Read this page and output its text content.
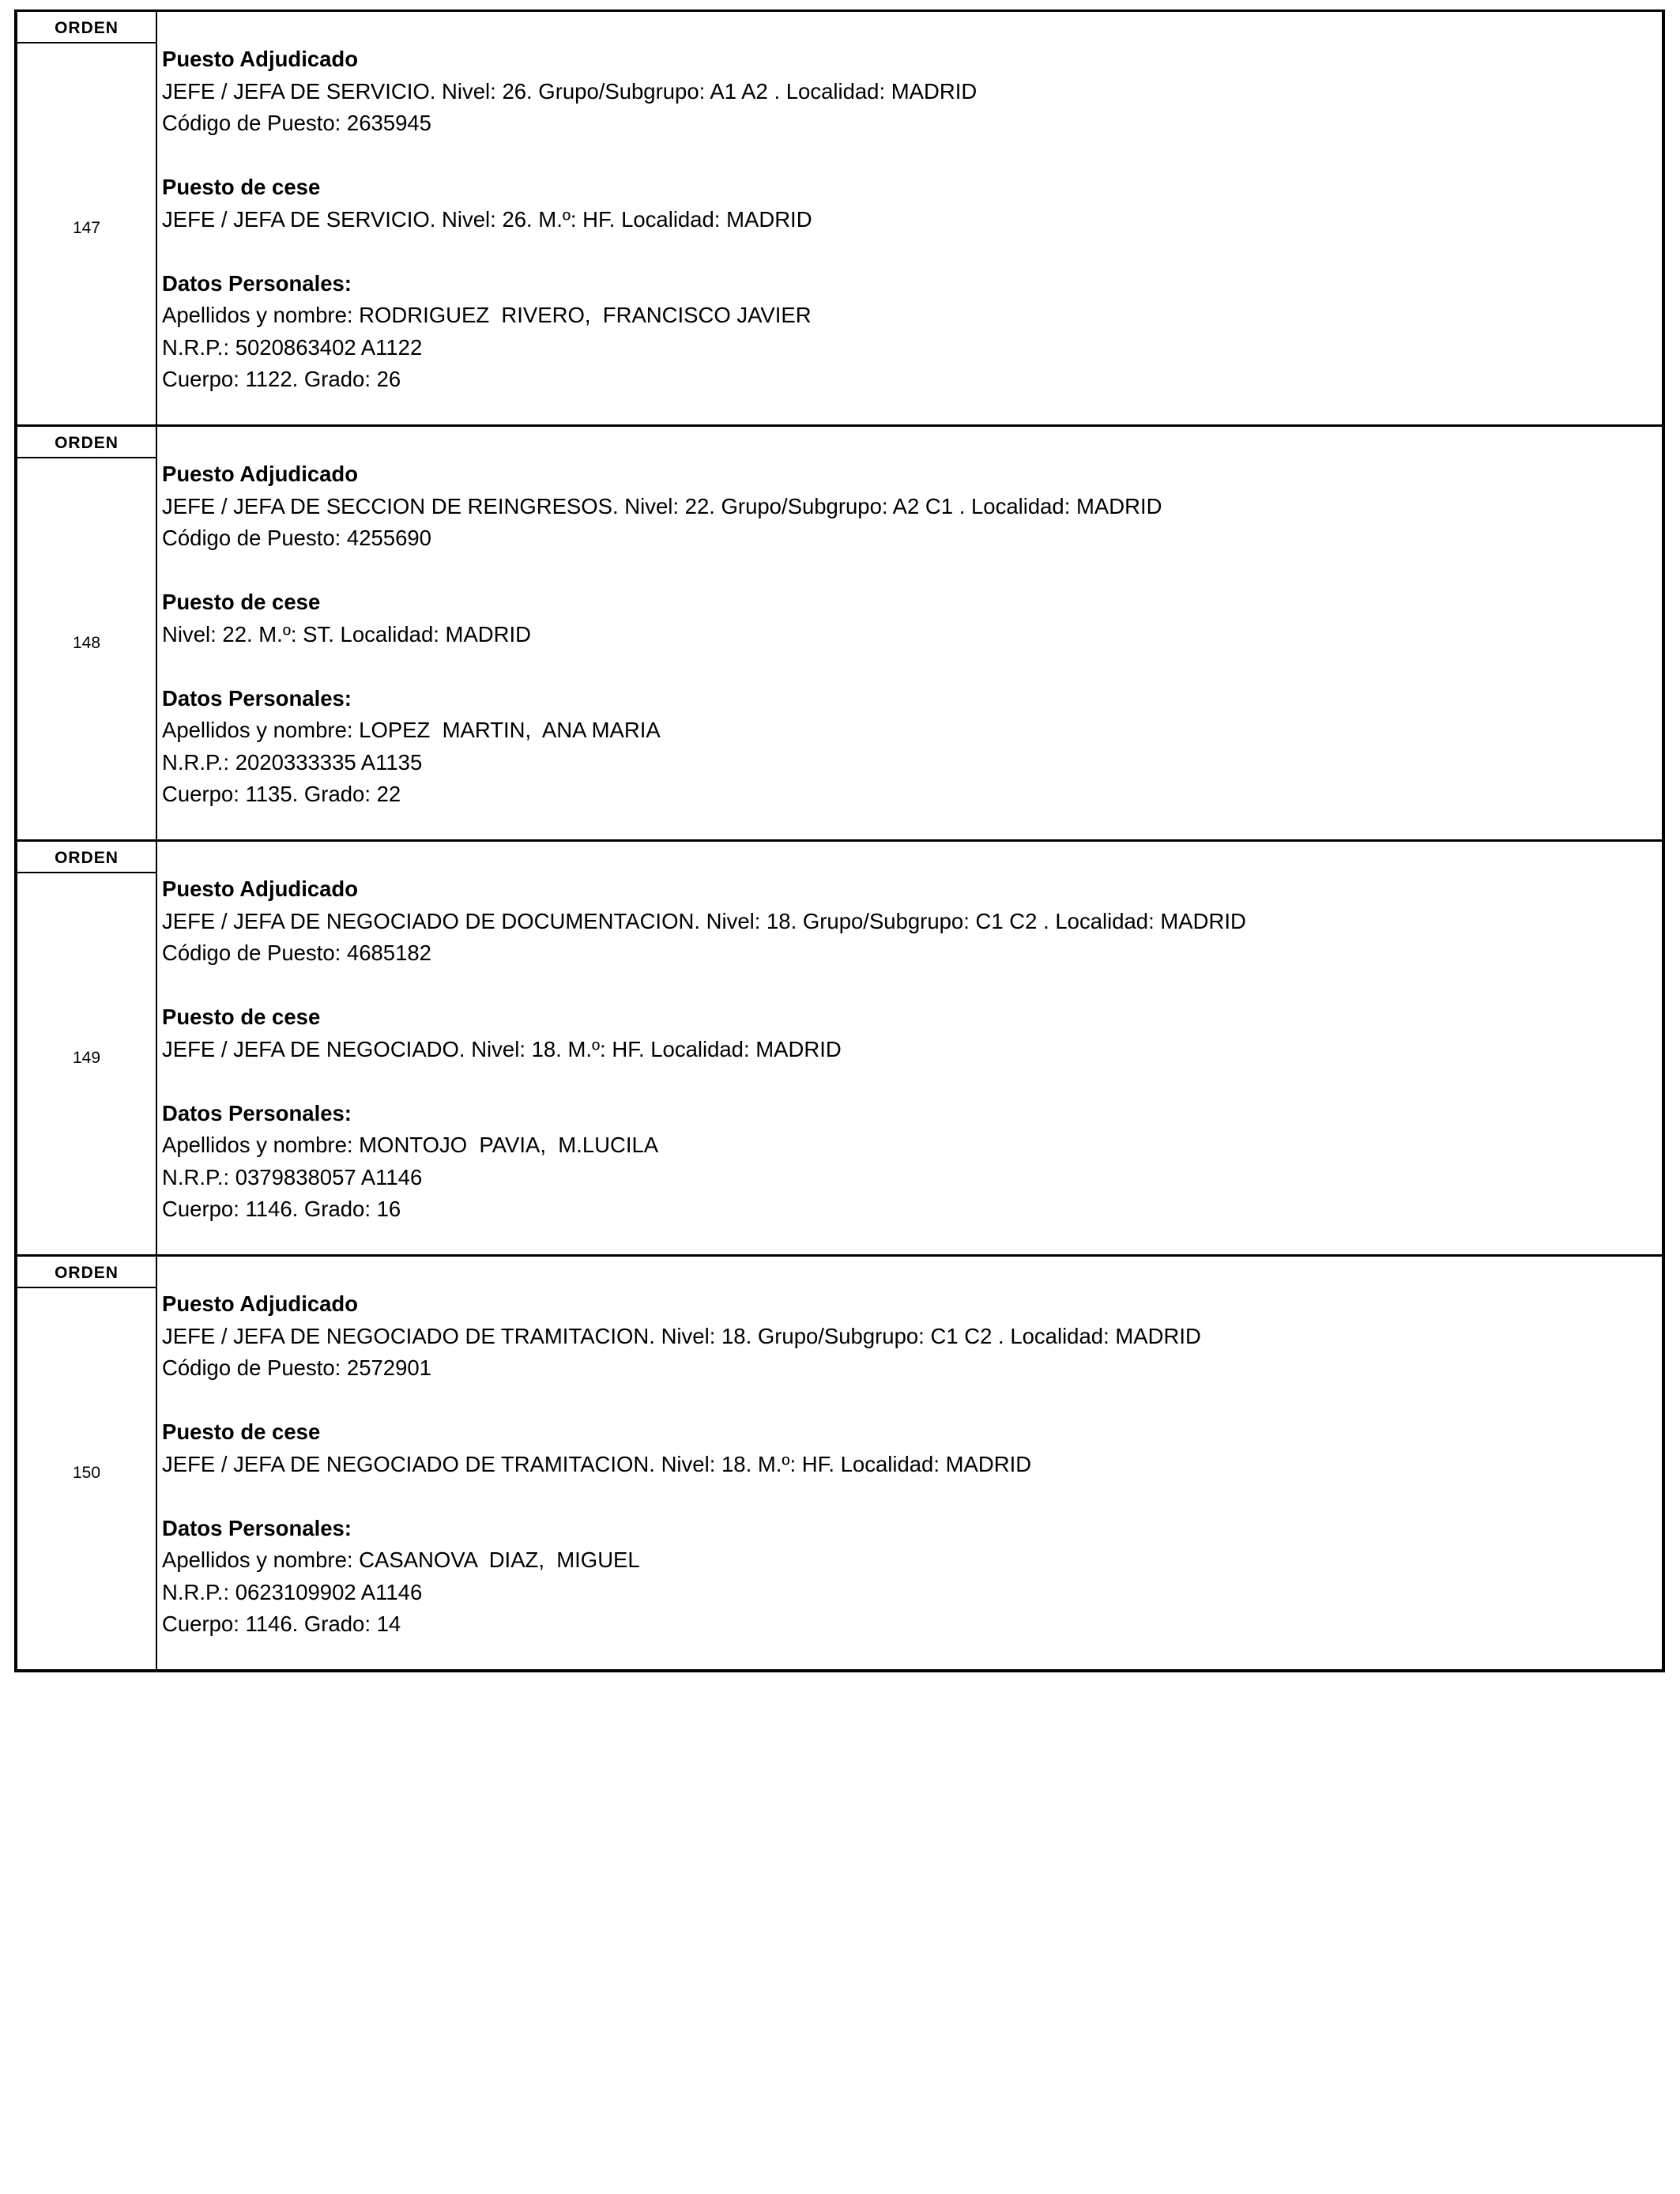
ORDEN
147
Puesto Adjudicado
JEFE / JEFA DE SERVICIO. Nivel: 26. Grupo/Subgrupo: A1 A2 . Localidad: MADRID
Código de Puesto: 2635945
Puesto de cese
JEFE / JEFA DE SERVICIO. Nivel: 26. M.º: HF. Localidad: MADRID
Datos Personales:
Apellidos y nombre: RODRIGUEZ  RIVERO,  FRANCISCO JAVIER
N.R.P.: 5020863402 A1122
Cuerpo: 1122. Grado: 26
ORDEN
148
Puesto Adjudicado
JEFE / JEFA DE SECCION DE REINGRESOS. Nivel: 22. Grupo/Subgrupo: A2 C1 . Localidad: MADRID
Código de Puesto: 4255690
Puesto de cese
Nivel: 22. M.º: ST. Localidad: MADRID
Datos Personales:
Apellidos y nombre: LOPEZ  MARTIN,  ANA MARIA
N.R.P.: 2020333335 A1135
Cuerpo: 1135. Grado: 22
ORDEN
149
Puesto Adjudicado
JEFE / JEFA DE NEGOCIADO DE DOCUMENTACION. Nivel: 18. Grupo/Subgrupo: C1 C2 . Localidad: MADRID
Código de Puesto: 4685182
Puesto de cese
JEFE / JEFA DE NEGOCIADO. Nivel: 18. M.º: HF. Localidad: MADRID
Datos Personales:
Apellidos y nombre: MONTOJO  PAVIA,  M.LUCILA
N.R.P.: 0379838057 A1146
Cuerpo: 1146. Grado: 16
ORDEN
150
Puesto Adjudicado
JEFE / JEFA DE NEGOCIADO DE TRAMITACION. Nivel: 18. Grupo/Subgrupo: C1 C2 . Localidad: MADRID
Código de Puesto: 2572901
Puesto de cese
JEFE / JEFA DE NEGOCIADO DE TRAMITACION. Nivel: 18. M.º: HF. Localidad: MADRID
Datos Personales:
Apellidos y nombre: CASANOVA  DIAZ,  MIGUEL
N.R.P.: 0623109902 A1146
Cuerpo: 1146. Grado: 14
